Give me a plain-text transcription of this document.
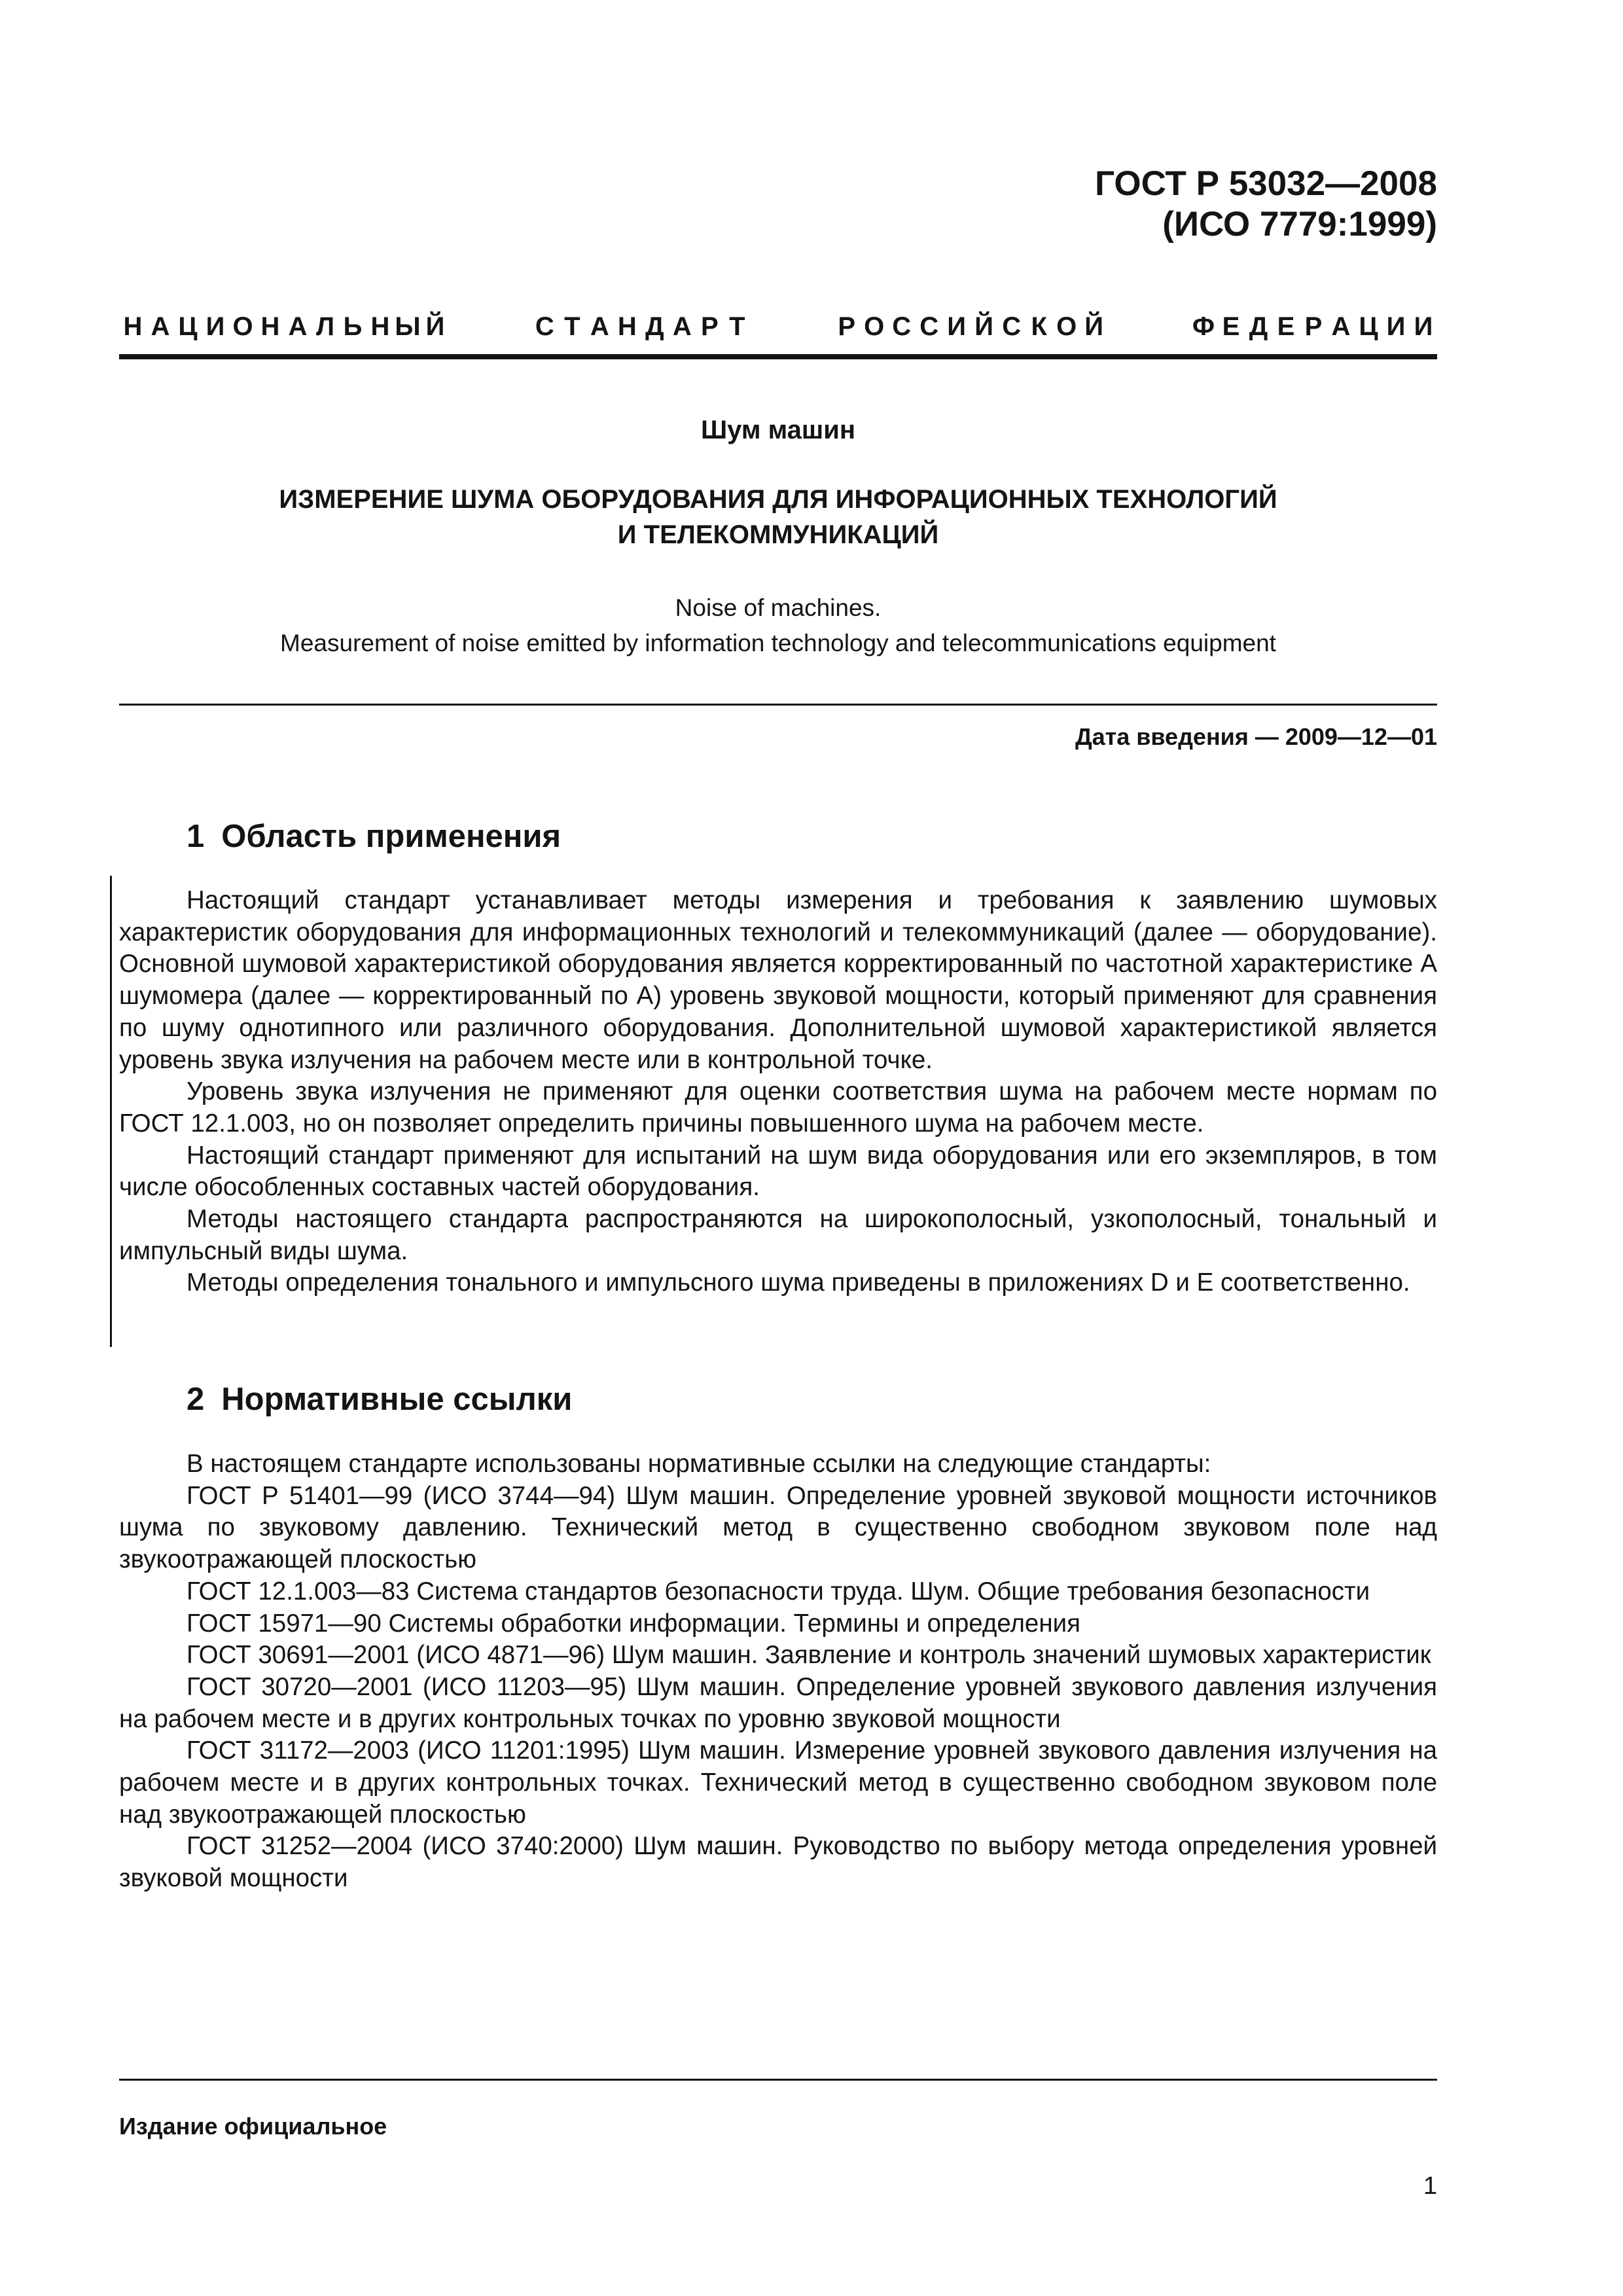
ГОСТ Р 53032—2008
(ИСО 7779:1999)
Н А Ц И О Н А Л Ь Н Ы Й	С Т А Н Д А Р Т	Р О С С И Й С К О Й	Ф Е Д Е Р А Ц И И
Шум машин
ИЗМЕРЕНИЕ ШУМА ОБОРУДОВАНИЯ ДЛЯ ИНФОРАЦИОННЫХ ТЕХНОЛОГИЙ
И ТЕЛЕКОММУНИКАЦИЙ
Noise of machines.
Measurement of noise emitted by information technology and telecommunications equipment
Дата введения — 2009—12—01
1 Область применения
Настоящий стандарт устанавливает методы измерения и требования к заявлению шумовых характеристик оборудования для информационных технологий и телекоммуникаций (далее — оборудование). Основной шумовой характеристикой оборудования является корректированный по частотной характеристике А шумомера (далее — корректированный по А) уровень звуковой мощности, который применяют для сравнения по шуму однотипного или различного оборудования. Дополнительной шумовой характеристикой является уровень звука излучения на рабочем месте или в контрольной точке.
Уровень звука излучения не применяют для оценки соответствия шума на рабочем месте нормам по ГОСТ 12.1.003, но он позволяет определить причины повышенного шума на рабочем месте.
Настоящий стандарт применяют для испытаний на шум вида оборудования или его экземпляров, в том числе обособленных составных частей оборудования.
Методы настоящего стандарта распространяются на широкополосный, узкополосный, тональный и импульсный виды шума.
Методы определения тонального и импульсного шума приведены в приложениях D и Е соответственно.
2 Нормативные ссылки
В настоящем стандарте использованы нормативные ссылки на следующие стандарты:
ГОСТ Р 51401—99 (ИСО 3744—94) Шум машин. Определение уровней звуковой мощности источников шума по звуковому давлению. Технический метод в существенно свободном звуковом поле над звукоотражающей плоскостью
ГОСТ 12.1.003—83 Система стандартов безопасности труда. Шум. Общие требования безопасности
ГОСТ 15971—90 Системы обработки информации. Термины и определения
ГОСТ 30691—2001 (ИСО 4871—96) Шум машин. Заявление и контроль значений шумовых характеристик
ГОСТ 30720—2001 (ИСО 11203—95) Шум машин. Определение уровней звукового давления излучения на рабочем месте и в других контрольных точках по уровню звуковой мощности
ГОСТ 31172—2003 (ИСО 11201:1995) Шум машин. Измерение уровней звукового давления излучения на рабочем месте и в других контрольных точках. Технический метод в существенно свободном звуковом поле над звукоотражающей плоскостью
ГОСТ 31252—2004 (ИСО 3740:2000) Шум машин. Руководство по выбору метода определения уровней звуковой мощности
Издание официальное
1
